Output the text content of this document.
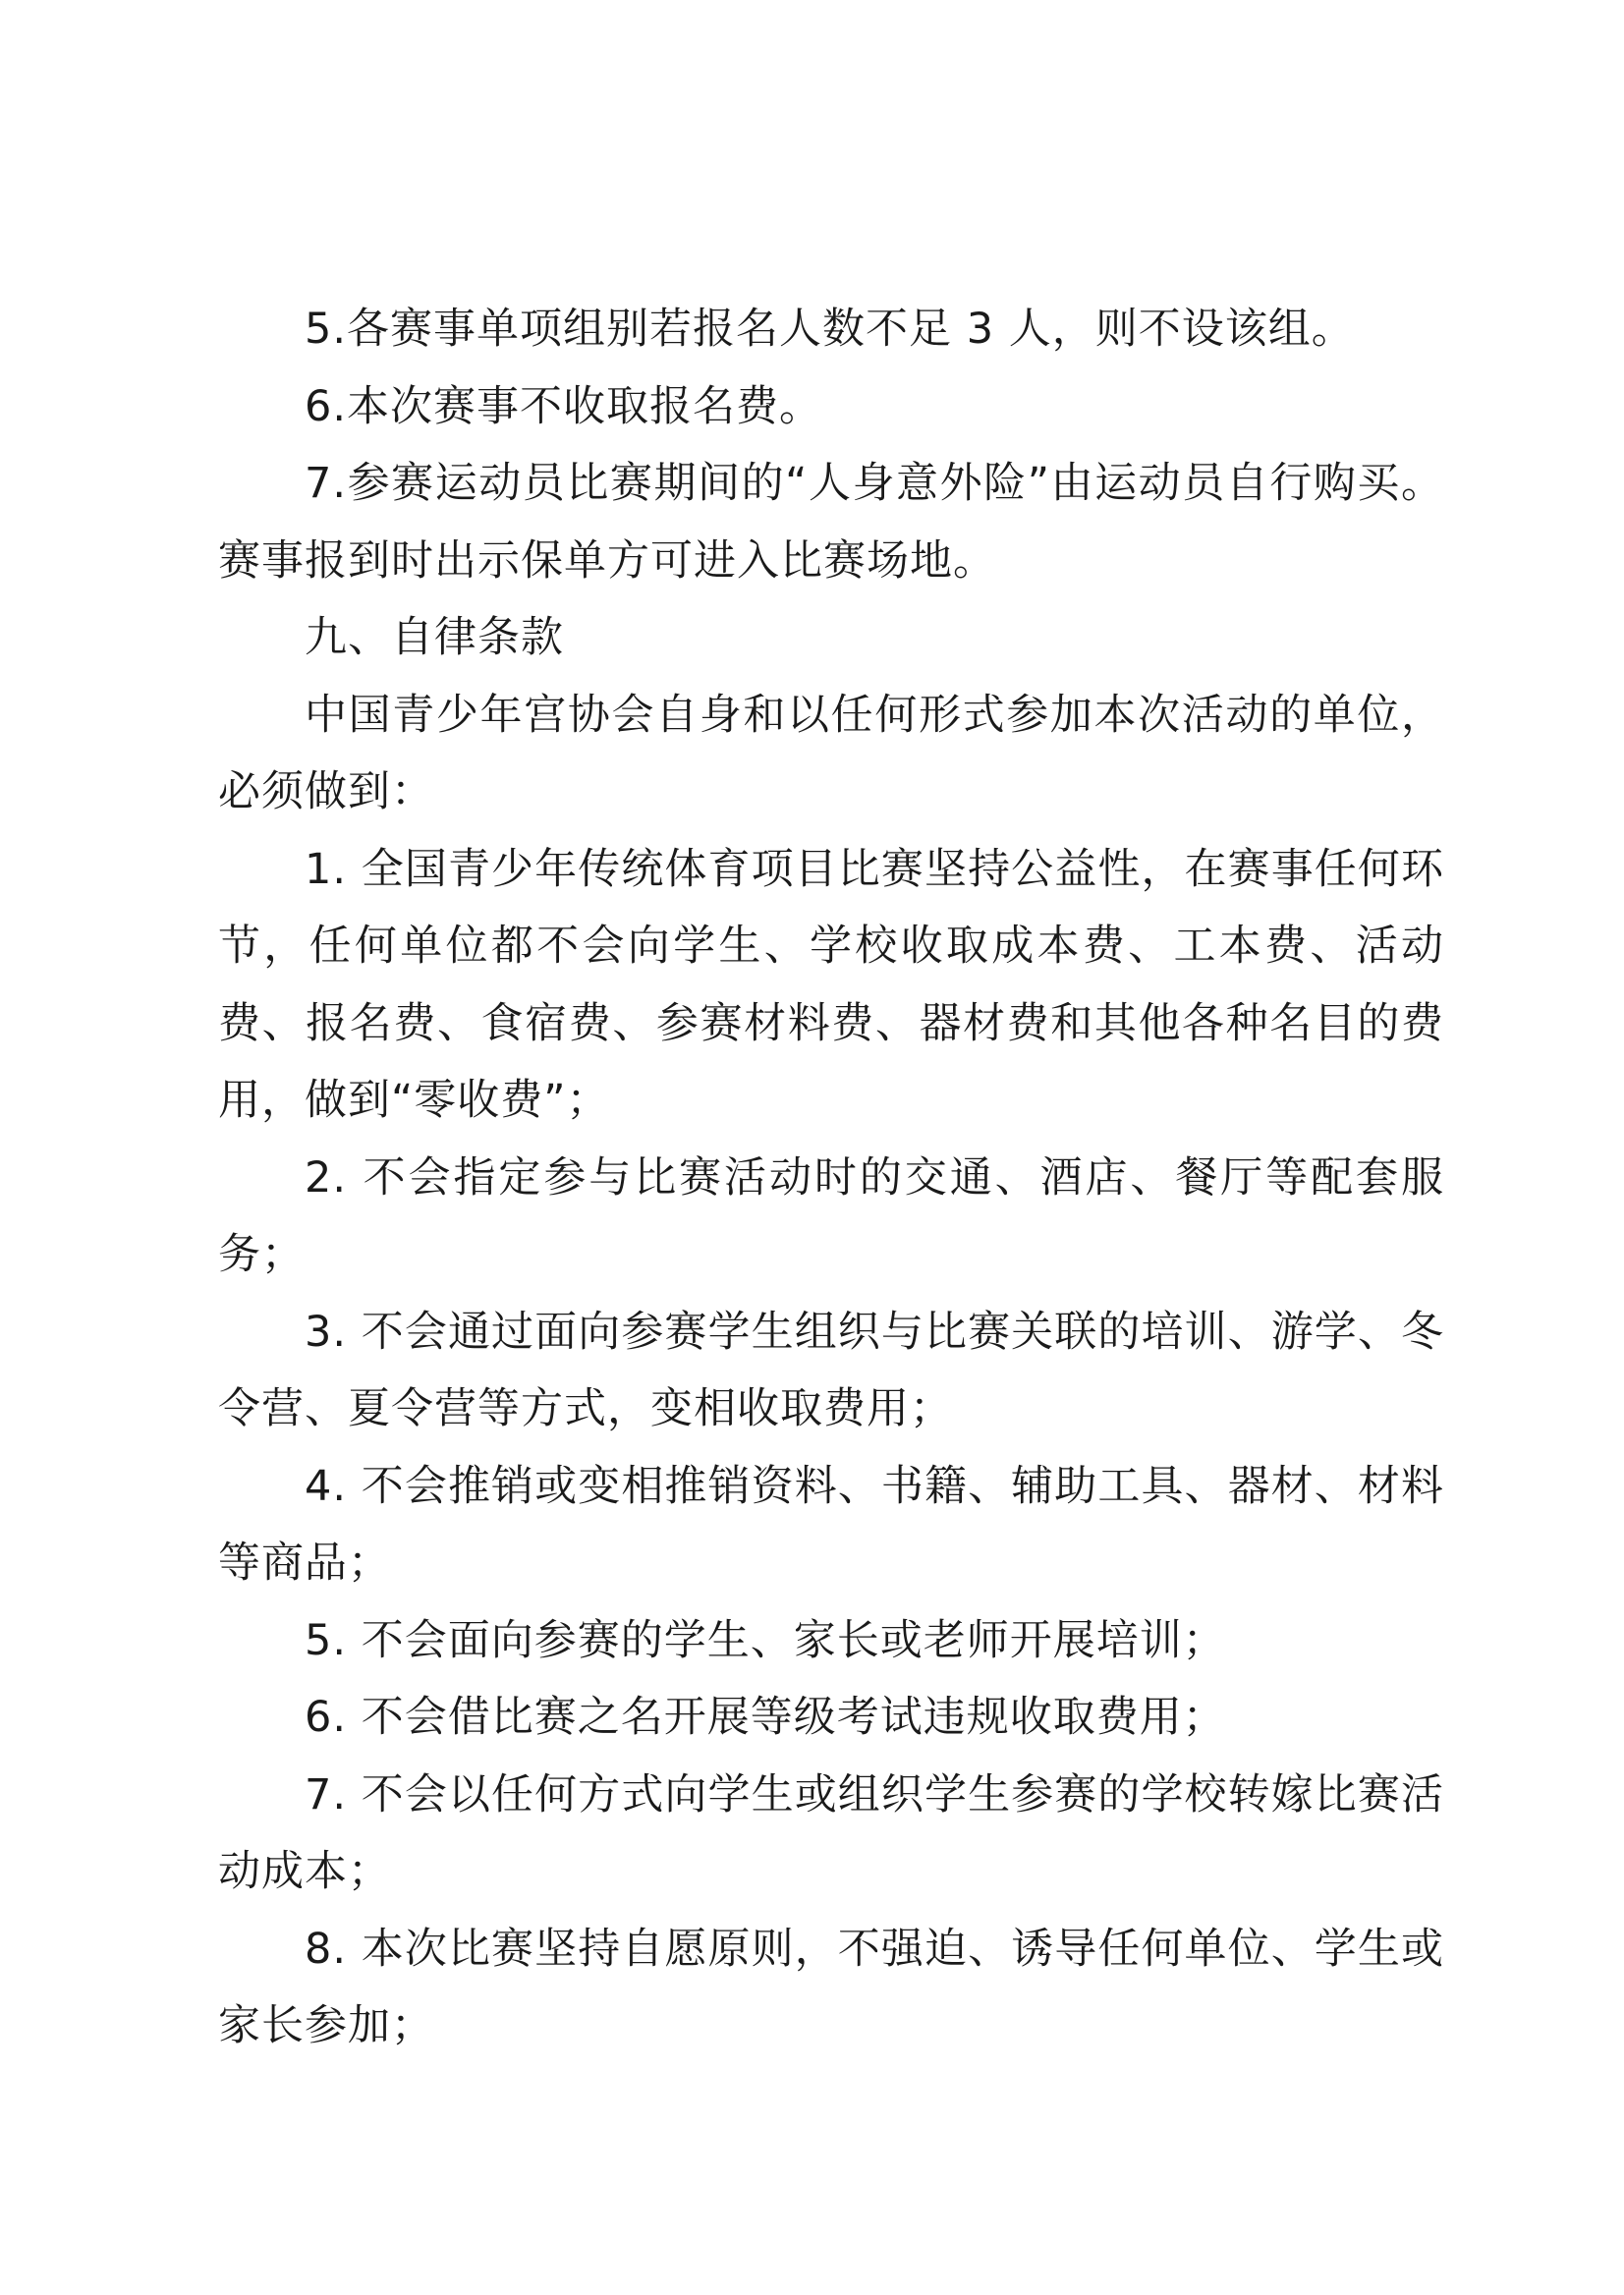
5.各赛事单项组别若报名人数不足 3 人，则不设该组。

6.本次赛事不收取报名费。

7.参赛运动员比赛期间的“人身意外险”由运动员自行购买。赛事报到时出示保单方可进入比赛场地。

九、自律条款

中国青少年宫协会自身和以任何形式参加本次活动的单位，必须做到：

1. 全国青少年传统体育项目比赛坚持公益性，在赛事任何环节，任何单位都不会向学生、学校收取成本费、工本费、活动费、报名费、食宿费、参赛材料费、器材费和其他各种名目的费用，做到“零收费”；

2. 不会指定参与比赛活动时的交通、酒店、餐厅等配套服务；

3. 不会通过面向参赛学生组织与比赛关联的培训、游学、冬令营、夏令营等方式，变相收取费用；

4. 不会推销或变相推销资料、书籍、辅助工具、器材、材料等商品；

5. 不会面向参赛的学生、家长或老师开展培训；

6. 不会借比赛之名开展等级考试违规收取费用；

7. 不会以任何方式向学生或组织学生参赛的学校转嫁比赛活动成本；

8. 本次比赛坚持自愿原则，不强迫、诱导任何单位、学生或家长参加；
